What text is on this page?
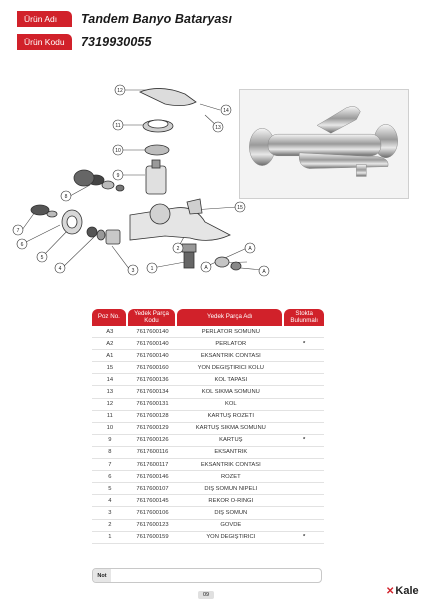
Ürün Adı	Tandem Banyo Bataryası
Ürün Kodu	7319930055
12
14
13
11
10
9
8
7
6
5
4	3
15
2
1
A
A
A
Poz No.	Yedek Parça Kodu	Yedek Parça Adı	Stokta Bulunmalı
A3	7617600140	PERLATÖR SOMUNU
A2	7617600140	PERLATÖR	*
A1	7617600140	EKSANTRİK CONTASI
15	7617600160	YÖN DEĞİŞTİRİCİ KOLU
14	7617600136	KOL TAPASI
13	7617600134	KOL SIKMA SOMUNU
12	7617600131	KOL
11	7617600128	KARTUŞ ROZETİ
10	7617600129	KARTUŞ SIKMA SOMUNU
9	7617600126	KARTUŞ	*
8	7617600116	EKSANTRİK
7	7617600117	EKSANTRİK CONTASI
6	7617600146	ROZET
5	7617600107	DIŞ SOMUN NİPELİ
4	7617600145	REKOR O-RİNGİ
3	7617600106	DIŞ SOMUN
2	7617600123	GÖVDE
1	7617600159	YÖN DEĞİŞTİRİCİ	*
Not
09	✕ Kale
